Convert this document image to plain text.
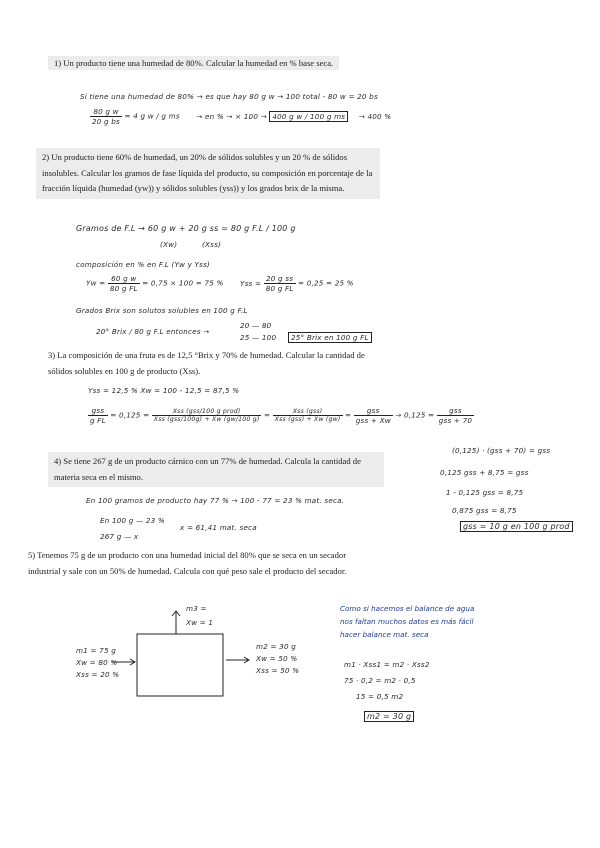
1) Un producto tiene una humedad de 80%. Calcular la humedad en % base seca.
Si tiene una humedad de 80% → es que hay 80 g w → 100 total - 80 w = 20 bs
$\frac{\text{80 g w}}{\text{20 g bs}} = 4$ g w / g ms → en % → × 100 → 400 g w / 100 g ms → 400 %
2) Un producto tiene 60% de humedad, un 20% de sólidos solubles y un 20 % de sólidos insolubles. Calcular los gramos de fase líquida del producto, su composición en porcentaje de la fracción líquida (humedad (yw)) y sólidos solubles (yss)) y los grados brix de la misma.
Gramos de F.L → 60 g w + 20 g ss = 80 g F.L / 100 g
(Xw)          (Xss)
composición en % en F.L (Yw y Yss)
$Yw = \frac{\text{60 g w}}{\text{80 g FL}} = 0,75 \times 100 = 75$ % Yss = $\frac{\text{20 g ss}}{\text{80 g FL}} = 0,25 = 25$ %
Grados Brix son solutos solubles en 100 g F.L
20° Brix / 80 g F.L entonces →
20 — 80
25 — 100	25° Brix en 100 g FL
3) La composición de una fruta es de 12,5 °Brix y 70% de humedad. Calcular la cantidad de sólidos solubles en 100 g de producto (Xss).
Yss = 12,5 % Xw = 100 - 12,5 = 87,5 %
$\frac{\text{gss}}{\text{g FL}} = 0,125 = \frac{\text{Xss (gss/100 g prod)}}{\text{Xss (gss/100g) + Xw (gw/100 g)}} = \frac{\text{Xss (gss)}}{\text{Xss (gss) + Xw (gw)}} = \frac{\text{gss}}{\text{gss + Xw}} \to 0,125 = \frac{\text{gss}}{\text{gss + 70}}$
(0,125) · (gss + 70) = gss
0,125 gss + 8,75 = gss
1 - 0,125 gss = 8,75
0,875 gss = 8,75
gss = 10 g en 100 g prod
4) Se tiene 267 g de un producto cárnico con un 77% de humedad. Calcula la cantidad de materia seca en el mismo.
En 100 gramos de producto hay 77 % → 100 - 77 = 23 % mat. seca.
En 100 g — 23 %
267 g — x
x = 61,41 mat. seca
5) Tenemos 75 g de un producto con una humedad inicial del 80% que se seca en un secador industrial y sale con un 50% de humedad. Calcula con qué peso sale el producto del secador.
m3 =
Xw = 1
m1 = 75 g
Xw = 80 %
Xss = 20 %
m2 = 30 g
Xw = 50 %
Xss = 50 %
Como si hacemos el balance de agua
nos faltan muchos datos es más fácil
hacer balance mat. seca
m1 · Xss1 = m2 · Xss2
75 · 0,2 = m2 · 0,5
15 = 0,5 m2
m2 = 30 g
